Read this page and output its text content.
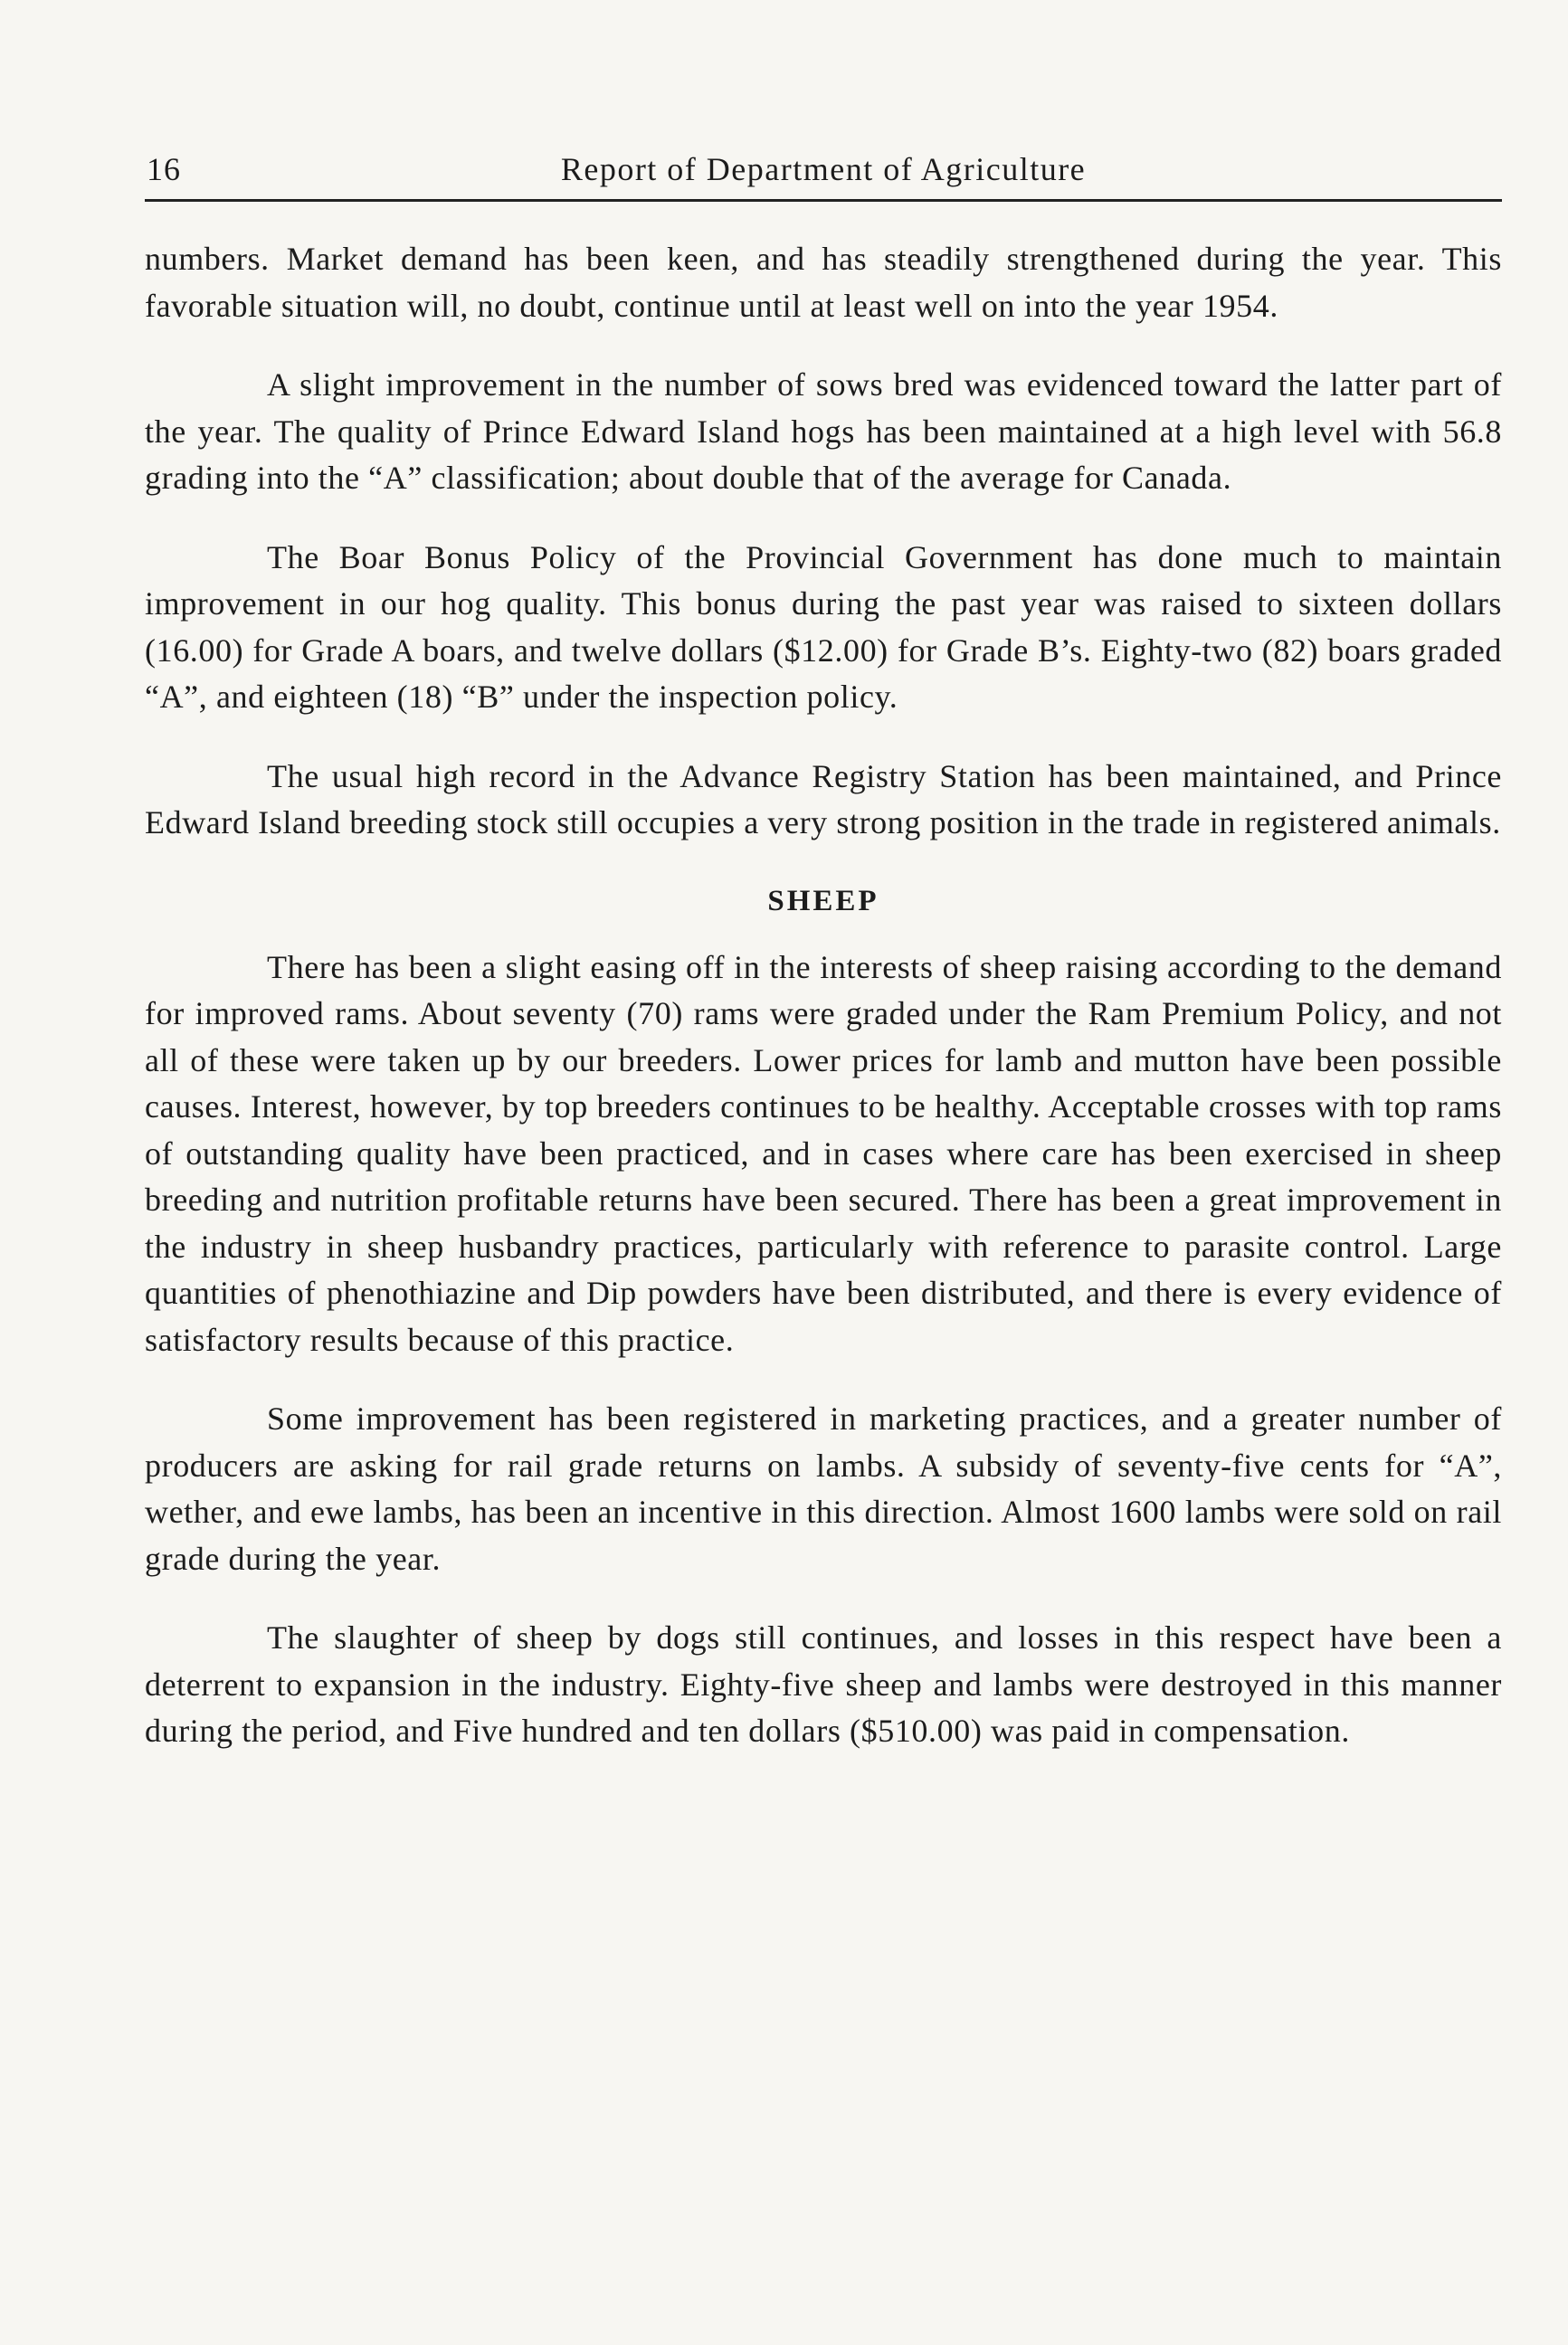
16	Report of Department of Agriculture

numbers. Market demand has been keen, and has steadily strengthened during the year. This favorable situation will, no doubt, continue until at least well on into the year 1954.

A slight improvement in the number of sows bred was evidenced toward the latter part of the year. The quality of Prince Edward Island hogs has been maintained at a high level with 56.8 grading into the “A” classification; about double that of the average for Canada.

The Boar Bonus Policy of the Provincial Government has done much to maintain improvement in our hog quality. This bonus during the past year was raised to sixteen dollars (16.00) for Grade A boars, and twelve dollars ($12.00) for Grade B’s. Eighty-two (82) boars graded “A”, and eighteen (18) “B” under the inspection policy.

The usual high record in the Advance Registry Station has been maintained, and Prince Edward Island breeding stock still occupies a very strong position in the trade in registered animals.

SHEEP

There has been a slight easing off in the interests of sheep raising according to the demand for improved rams. About seventy (70) rams were graded under the Ram Premium Policy, and not all of these were taken up by our breeders. Lower prices for lamb and mutton have been possible causes. Interest, however, by top breeders continues to be healthy. Acceptable crosses with top rams of outstanding quality have been practiced, and in cases where care has been exercised in sheep breeding and nutrition profitable returns have been secured. There has been a great improvement in the industry in sheep husbandry practices, particularly with reference to parasite control. Large quantities of phenothiazine and Dip powders have been distributed, and there is every evidence of satisfactory results because of this practice.

Some improvement has been registered in marketing practices, and a greater number of producers are asking for rail grade returns on lambs. A subsidy of seventy-five cents for “A”, wether, and ewe lambs, has been an incentive in this direction. Almost 1600 lambs were sold on rail grade during the year.

The slaughter of sheep by dogs still continues, and losses in this respect have been a deterrent to expansion in the industry. Eighty-five sheep and lambs were destroyed in this manner during the period, and Five hundred and ten dollars ($510.00) was paid in compensation.
